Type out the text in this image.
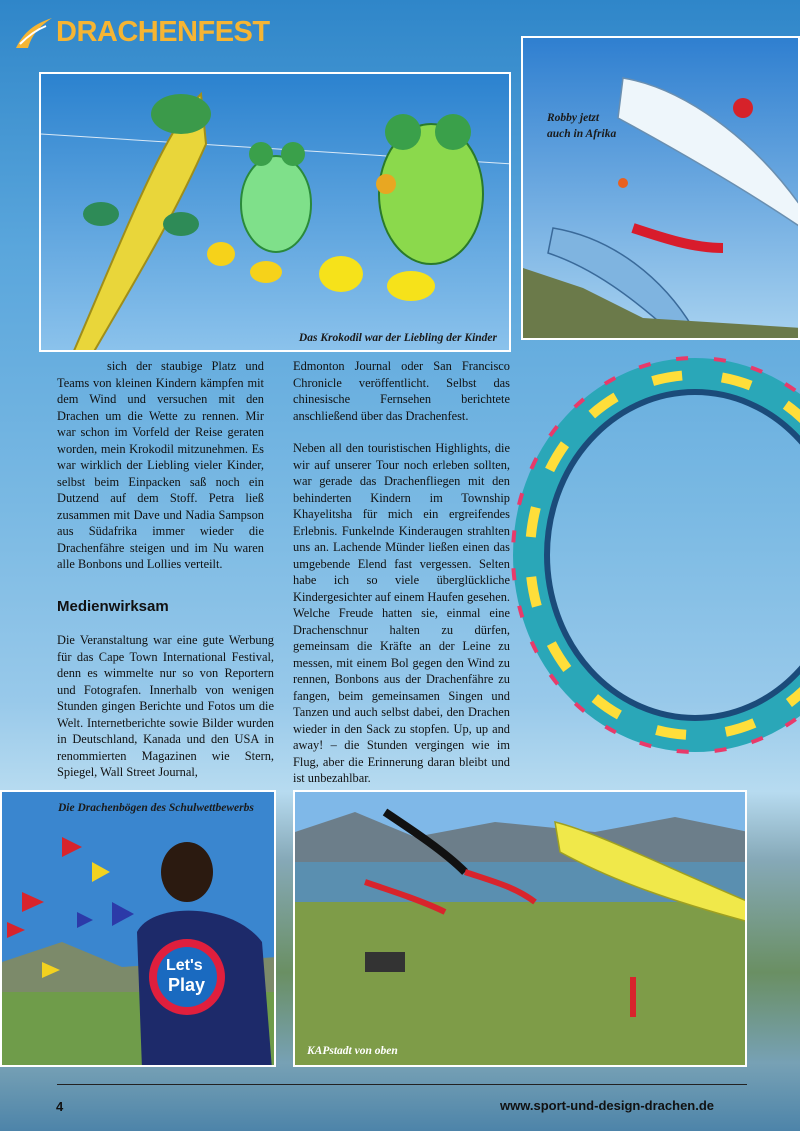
DRACHENFEST
Das Krokodil war der Liebling der Kinder
Robby jetzt
auch in Afrika

sich der staubige Platz und Teams von kleinen Kindern kämpfen mit dem Wind und versuchen mit den Drachen um die Wette zu rennen. Mir war schon im Vorfeld der Reise geraten worden, mein Krokodil mitzunehmen. Es war wirklich der Liebling vieler Kinder, selbst beim Einpacken saß noch ein Dutzend auf dem Stoff. Petra ließ zusammen mit Dave und Nadia Sampson aus Südafrika immer wieder die Drachenfähre steigen und im Nu waren alle Bonbons und Lollies verteilt.

Medienwirksam

Die Veranstaltung war eine gute Werbung für das Cape Town International Festival, denn es wimmelte nur so von Reportern und Fotografen. Innerhalb von wenigen Stunden gingen Berichte und Fotos um die Welt. Internetberichte sowie Bilder wurden in Deutschland, Kanada und den USA in renommierten Magazinen wie Stern, Spiegel, Wall Street Journal,

Edmonton Journal oder San Francisco Chronicle veröffentlicht. Selbst das chinesische Fernsehen berichtete anschließend über das Drachenfest.

Neben all den touristischen Highlights, die wir auf unserer Tour noch erleben sollten, war gerade das Drachenfliegen mit den behinderten Kindern im Township Khayelitsha für mich ein ergreifendes Erlebnis. Funkelnde Kinderaugen strahlten uns an. Lachende Münder ließen einen das umgebende Elend fast vergessen. Selten habe ich so viele überglückliche Kindergesichter auf einem Haufen gesehen. Welche Freude hatten sie, einmal eine Drachenschnur halten zu dürfen, gemeinsam die Kräfte an der Leine zu messen, mit einem Bol gegen den Wind zu rennen, Bonbons aus der Drachenfähre zu fangen, beim gemeinsamen Singen und Tanzen und auch selbst dabei, den Drachen wieder in den Sack zu stopfen. Up, up and away! – die Stunden vergingen wie im Flug, aber die Erinnerung daran bleibt und ist unbezahlbar.

Die Drachenbögen des Schulwettbewerbs
Let's
Play
KAPstadt von oben
4	www.sport-und-design-drachen.de
